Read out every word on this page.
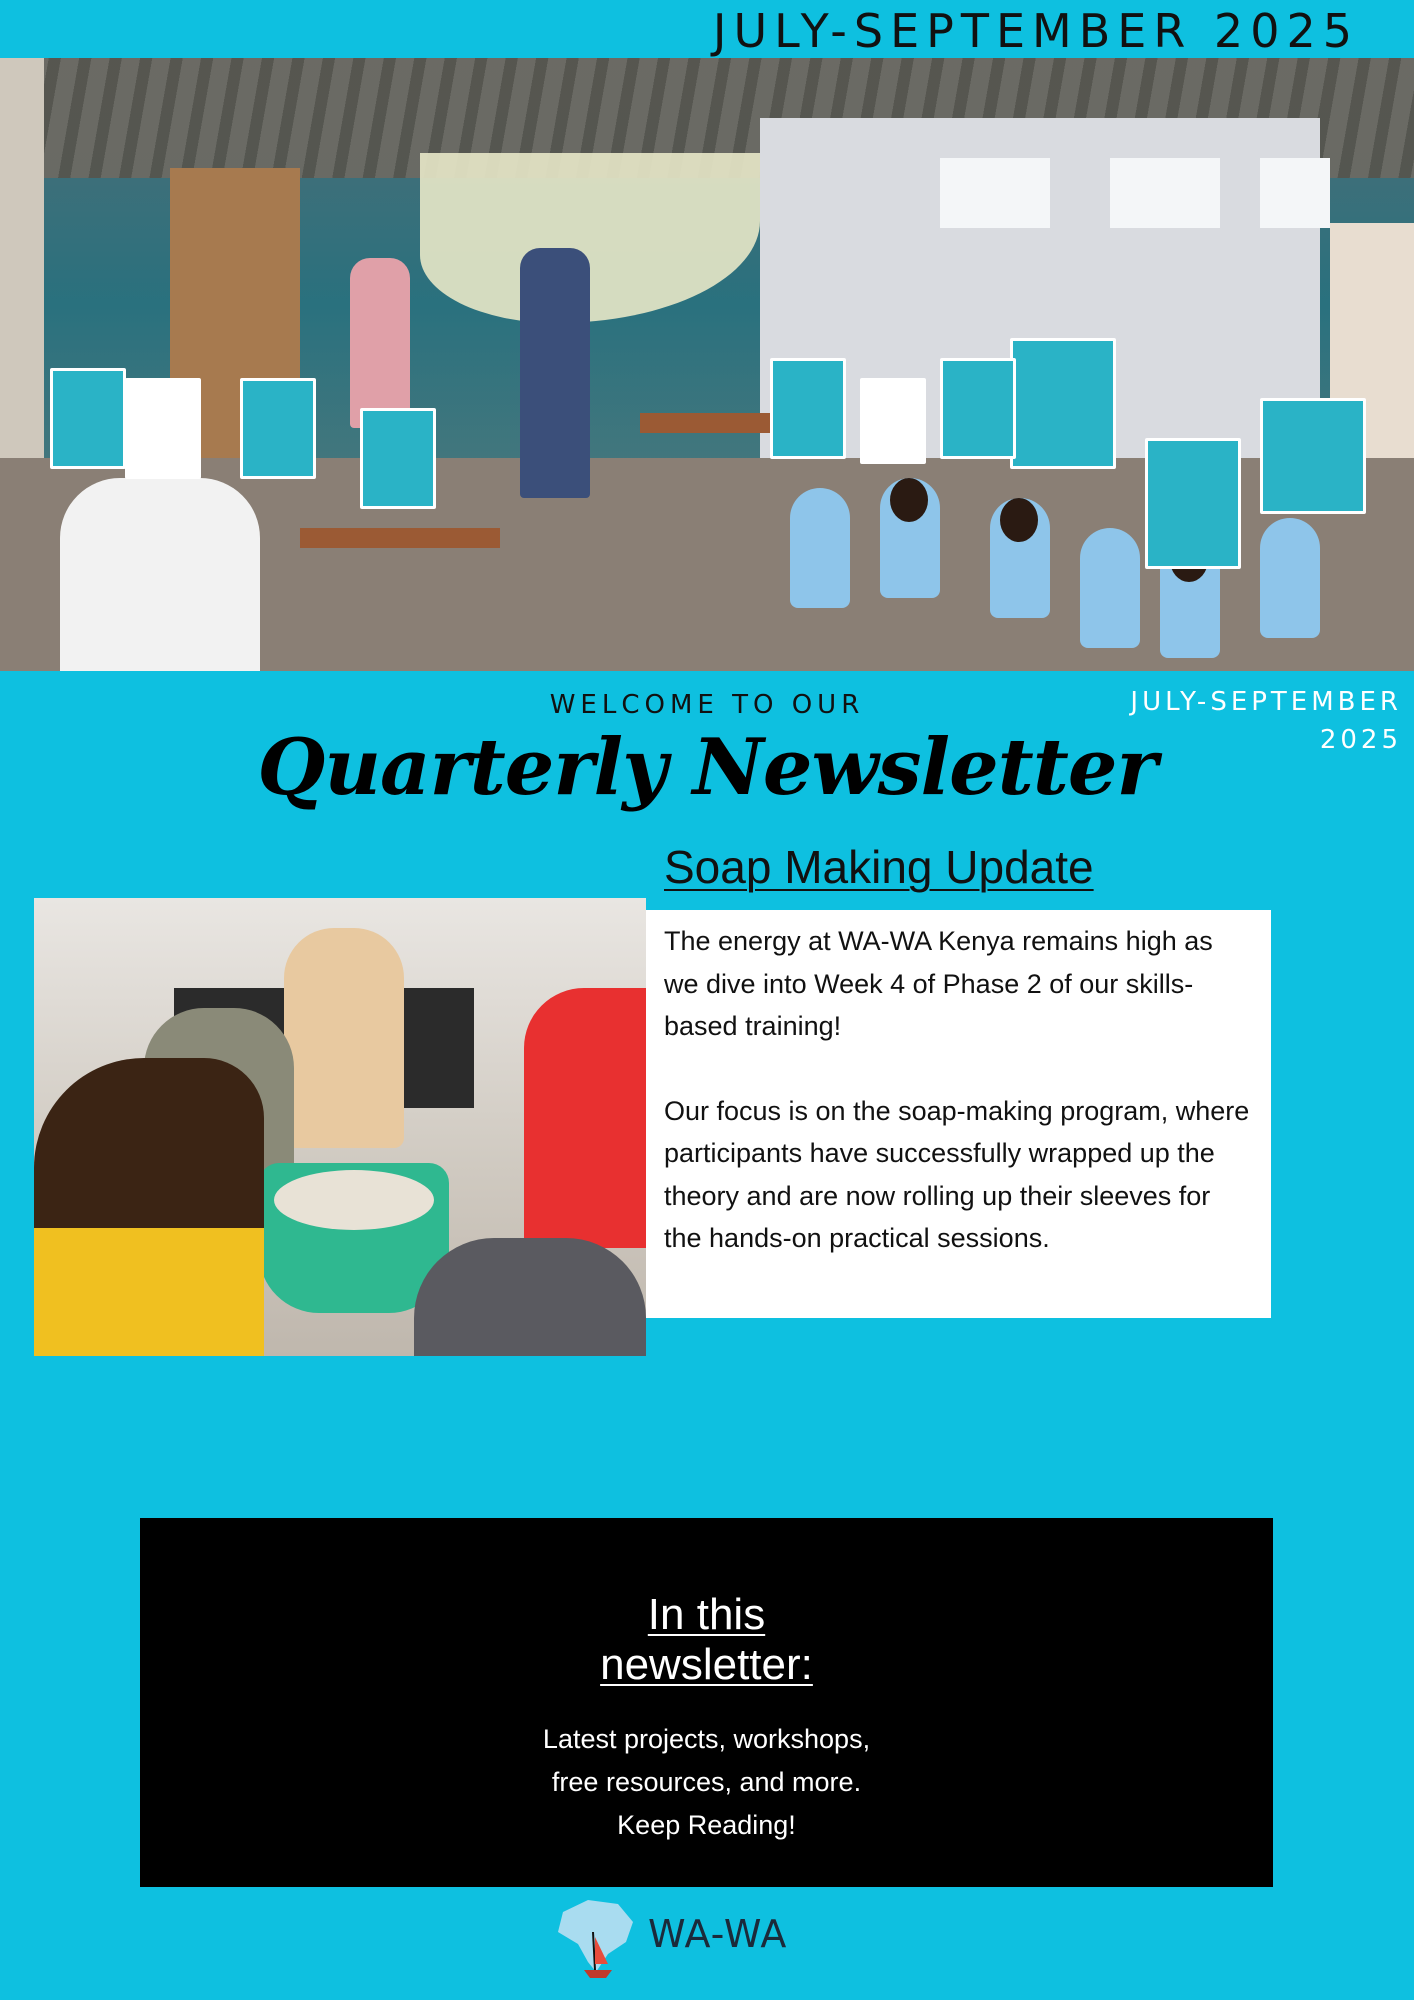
JULY-SEPTEMBER 2025
WELCOME TO OUR	JULY-SEPTEMBER
2025
Quarterly Newsletter
Soap Making Update

The energy at WA-WA Kenya remains high as we dive into Week 4 of Phase 2 of our skills-based training!

Our focus is on the soap-making program, where participants have successfully wrapped up the theory and are now rolling up their sleeves for the hands-on practical sessions.

In this
newsletter:
Latest projects, workshops,
free resources, and more.
Keep Reading!
WA-WA
